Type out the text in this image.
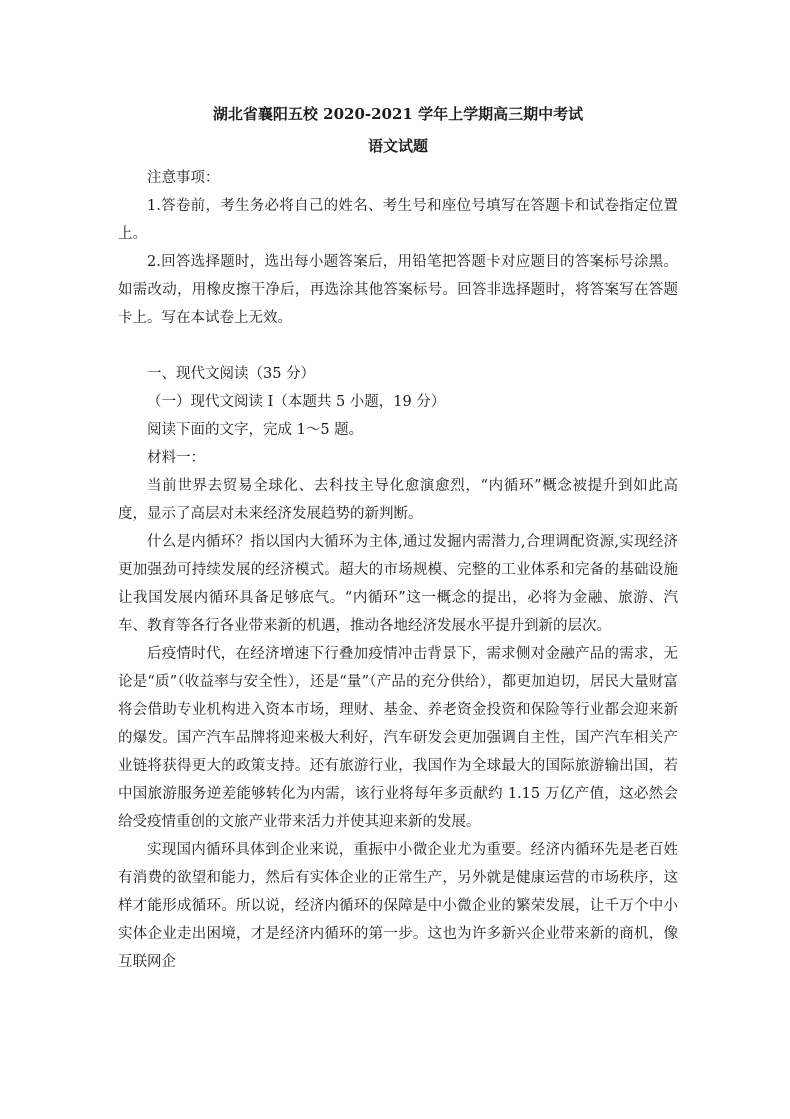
湖北省襄阳五校 2020-2021 学年上学期高三期中考试
语文试题

注意事项：

1.答卷前，考生务必将自己的姓名、考生号和座位号填写在答题卡和试卷指定位置上。

2.回答选择题时，选出每小题答案后，用铅笔把答题卡对应题目的答案标号涂黑。如需改动，用橡皮擦干净后，再选涂其他答案标号。回答非选择题时，将答案写在答题卡上。写在本试卷上无效。

一、现代文阅读（35 分）

（一）现代文阅读 I（本题共 5 小题，19 分）

阅读下面的文字，完成 1～5 题。

材料一：

当前世界去贸易全球化、去科技主导化愈演愈烈，“内循环”概念被提升到如此高度，显示了高层对未来经济发展趋势的新判断。

什么是内循环？指以国内大循环为主体,通过发掘内需潜力,合理调配资源,实现经济更加强劲可持续发展的经济模式。超大的市场规模、完整的工业体系和完备的基础设施让我国发展内循环具备足够底气。“内循环”这一概念的提出，必将为金融、旅游、汽车、教育等各行各业带来新的机遇，推动各地经济发展水平提升到新的层次。

后疫情时代，在经济增速下行叠加疫情冲击背景下，需求侧对金融产品的需求，无论是“质”（收益率与安全性），还是“量”（产品的充分供给），都更加迫切，居民大量财富将会借助专业机构进入资本市场，理财、基金、养老资金投资和保险等行业都会迎来新的爆发。国产汽车品牌将迎来极大利好，汽车研发会更加强调自主性，国产汽车相关产业链将获得更大的政策支持。还有旅游行业，我国作为全球最大的国际旅游输出国，若中国旅游服务逆差能够转化为内需，该行业将每年多贡献约 1.15 万亿产值，这必然会给受疫情重创的文旅产业带来活力并使其迎来新的发展。

实现国内循环具体到企业来说，重振中小微企业尤为重要。经济内循环先是老百姓有消费的欲望和能力，然后有实体企业的正常生产，另外就是健康运营的市场秩序，这样才能形成循环。所以说，经济内循环的保障是中小微企业的繁荣发展，让千万个中小实体企业走出困境，才是经济内循环的第一步。这也为许多新兴企业带来新的商机，像互联网企
